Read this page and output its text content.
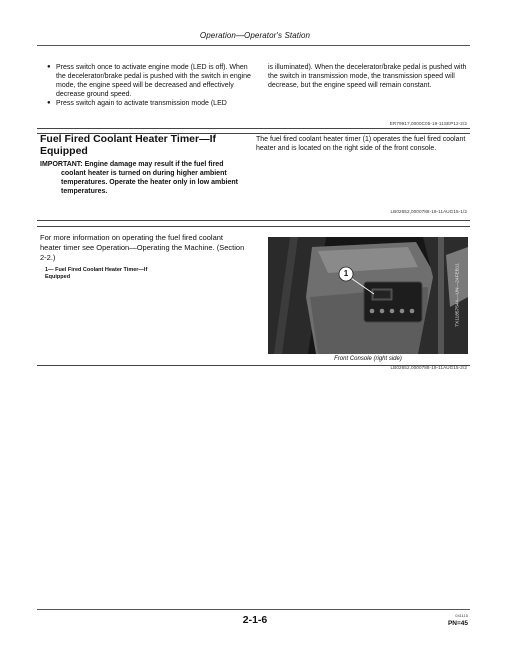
Operation—Operator's Station
● Press switch once to activate engine mode (LED is off). When the decelerator/brake pedal is pushed with the switch in engine mode, the engine speed will be decreased and effectively decrease ground speed.
● Press switch again to activate transmission mode (LED
is illuminated). When the decelerator/brake pedal is pushed with the switch in transmission mode, the transmission speed will decrease, but the engine speed will remain constant.
ER79917,0000C05-19-11SEP12-2/2
Fuel Fired Coolant Heater Timer—If Equipped
IMPORTANT: Engine damage may result if the fuel fired
coolant heater is turned on during higher ambient temperatures. Operate the heater only in low ambient temperatures.
The fuel fired coolant heater timer (1) operates the fuel fired coolant heater and is located on the right side of the front console.
LB02652,0000788-19-11AUG15-1/2
For more information on operating the fuel fired coolant heater timer see Operation—Operating the Machine. (Section 2-2.)
1— Fuel Fired Coolant Heater Timer—If Equipped	1	TX1185754A—UN—24FEB11
Front Console (right side)
LB02652,0000788-19-11AUG15-2/2
2-1-6	041115
PN=45
